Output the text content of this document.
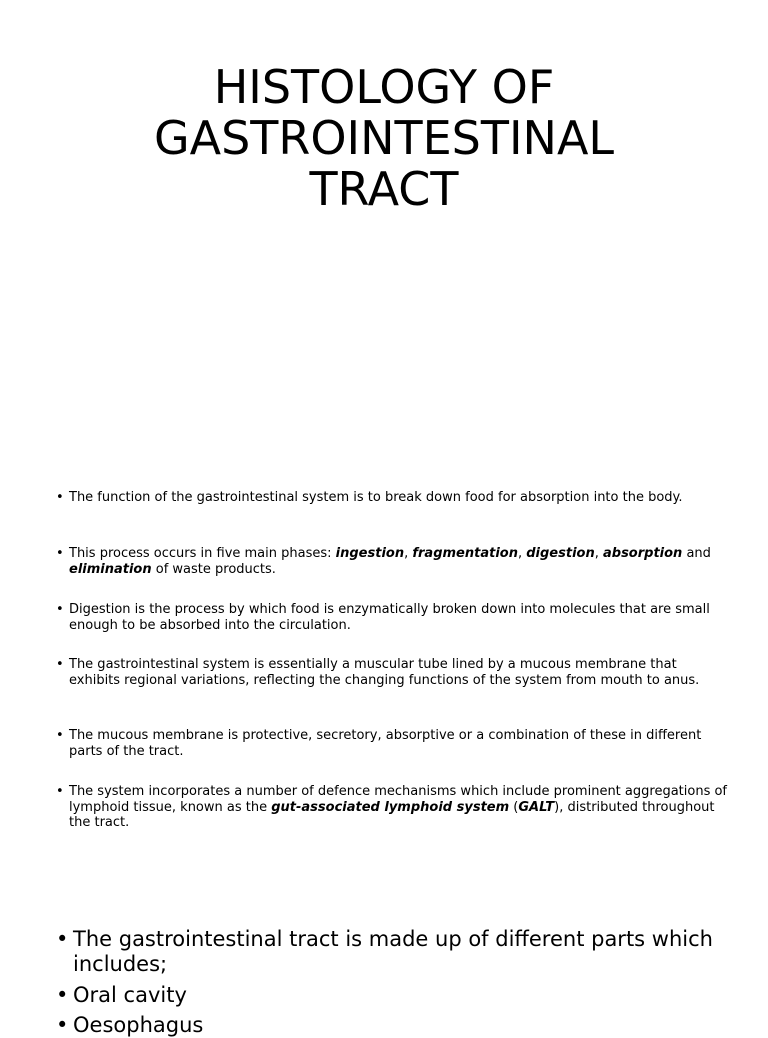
HISTOLOGY OF
GASTROINTESTINAL
TRACT
• The function of the gastrointestinal system is to break down food for absorption into the body.
• This process occurs in five main phases: ingestion, fragmentation, digestion, absorption and elimination of waste products.
• Digestion is the process by which food is enzymatically broken down into molecules that are small enough to be absorbed into the circulation.
• The gastrointestinal system is essentially a muscular tube lined by a mucous membrane that exhibits regional variations, reflecting the changing functions of the system from mouth to anus.
• The mucous membrane is protective, secretory, absorptive or a combination of these in different parts of the tract.
• The system incorporates a number of defence mechanisms which include prominent aggregations of lymphoid tissue, known as the gut-associated lymphoid system (GALT), distributed throughout the tract.
• The gastrointestinal tract is made up of different parts which includes;
• Oral cavity
• Oesophagus
